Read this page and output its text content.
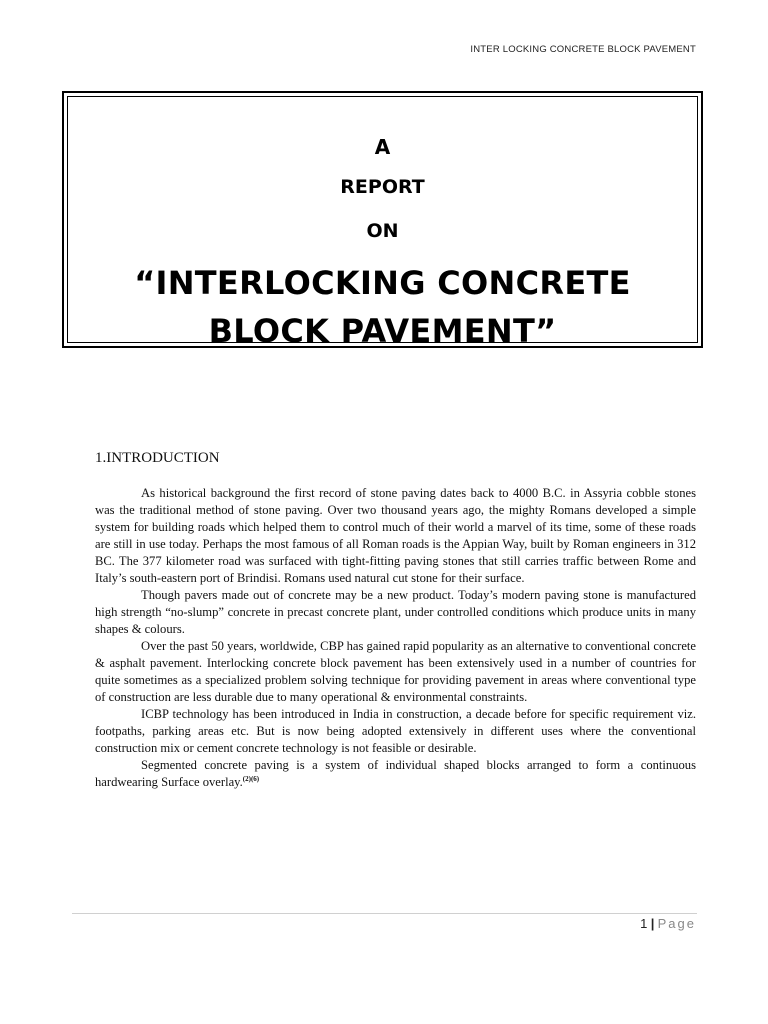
INTER LOCKING CONCRETE BLOCK PAVEMENT
A
REPORT
ON
“INTERLOCKING CONCRETE
BLOCK PAVEMENT”
1.INTRODUCTION

As historical background the first record of stone paving dates back to 4000 B.C. in Assyria cobble stones was the traditional method of stone paving. Over two thousand years ago, the mighty Romans developed a simple system for building roads which helped them to control much of their world a marvel of its time, some of these roads are still in use today. Perhaps the most famous of all Roman roads is the Appian Way, built by Roman engineers in 312 BC. The 377 kilometer road was surfaced with tight-fitting paving stones that still carries traffic between Rome and Italy’s south-eastern port of Brindisi. Romans used natural cut stone for their surface.

Though pavers made out of concrete may be a new product. Today’s modern paving stone is manufactured high strength “no-slump” concrete in precast concrete plant, under controlled conditions which produce units in many shapes & colours.

Over the past 50 years, worldwide, CBP has gained rapid popularity as an alternative to conventional concrete & asphalt pavement. Interlocking concrete block pavement has been extensively used in a number of countries for quite sometimes as a specialized problem solving technique for providing pavement in areas where conventional type of construction are less durable due to many operational & environmental constraints.

ICBP technology has been introduced in India in construction, a decade before for specific requirement viz. footpaths, parking areas etc. But is now being adopted extensively in different uses where the conventional construction mix or cement concrete technology is not feasible or desirable.

Segmented concrete paving is a system of individual shaped blocks arranged to form a continuous hardwearing Surface overlay.$^{(2)(6)}$

1 | Page
